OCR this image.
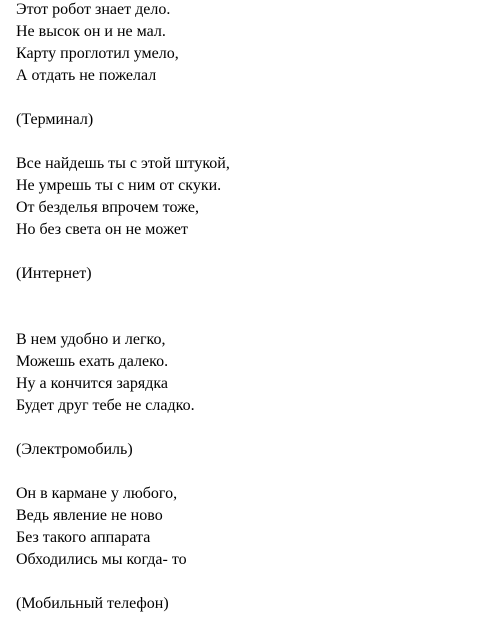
Этот робот знает дело.
Не высок он и не мал.
Карту проглотил умело,
А отдать не пожелал
(Терминал)
Все найдешь ты с этой штукой,
Не умрешь ты с ним от скуки.
От безделья впрочем тоже,
Но без света он не может
(Интернет)
В нем удобно и легко,
Можешь ехать далеко.
Ну а кончится зарядка
Будет друг тебе не сладко.
(Электромобиль)
Он в кармане у любого,
Ведь явление не ново
Без такого аппарата
Обходились мы когда- то
(Мобильный телефон)
